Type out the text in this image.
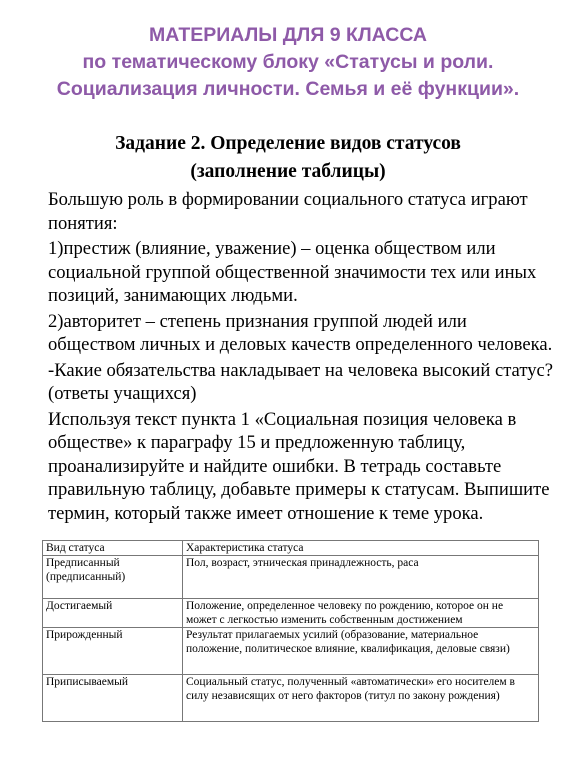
МАТЕРИАЛЫ ДЛЯ 9 КЛАССА
по тематическому блоку «Статусы и роли.
Социализация личности. Семья и её функции».
Задание 2. Определение видов статусов
(заполнение таблицы)

Большую роль в формировании социального статуса играют понятия:

1)престиж (влияние, уважение) – оценка обществом или социальной группой общественной значимости тех или иных позиций, занимающих людьми.

2)авторитет – степень признания группой людей или обществом личных и деловых качеств определенного человека.

-Какие обязательства накладывает на человека высокий статус? (ответы учащихся)

Используя текст пункта 1 «Социальная позиция человека в обществе» к параграфу 15 и предложенную таблицу, проанализируйте и найдите ошибки. В тетрадь составьте правильную таблицу, добавьте примеры к статусам. Выпишите термин, который также имеет отношение к теме урока.

Вид статуса	Характеристика статуса
Предписанный (предписанный)	Пол, возраст, этническая принадлежность, раса
Достигаемый	Положение, определенное человеку по рождению, которое он не может с легкостью изменить собственным достижением
Прирожденный	Результат прилагаемых усилий (образование, материальное положение, политическое влияние, квалификация, деловые связи)
Приписываемый	Социальный статус, полученный «автоматически» его носителем в силу независящих от него факторов (титул по закону рождения)
